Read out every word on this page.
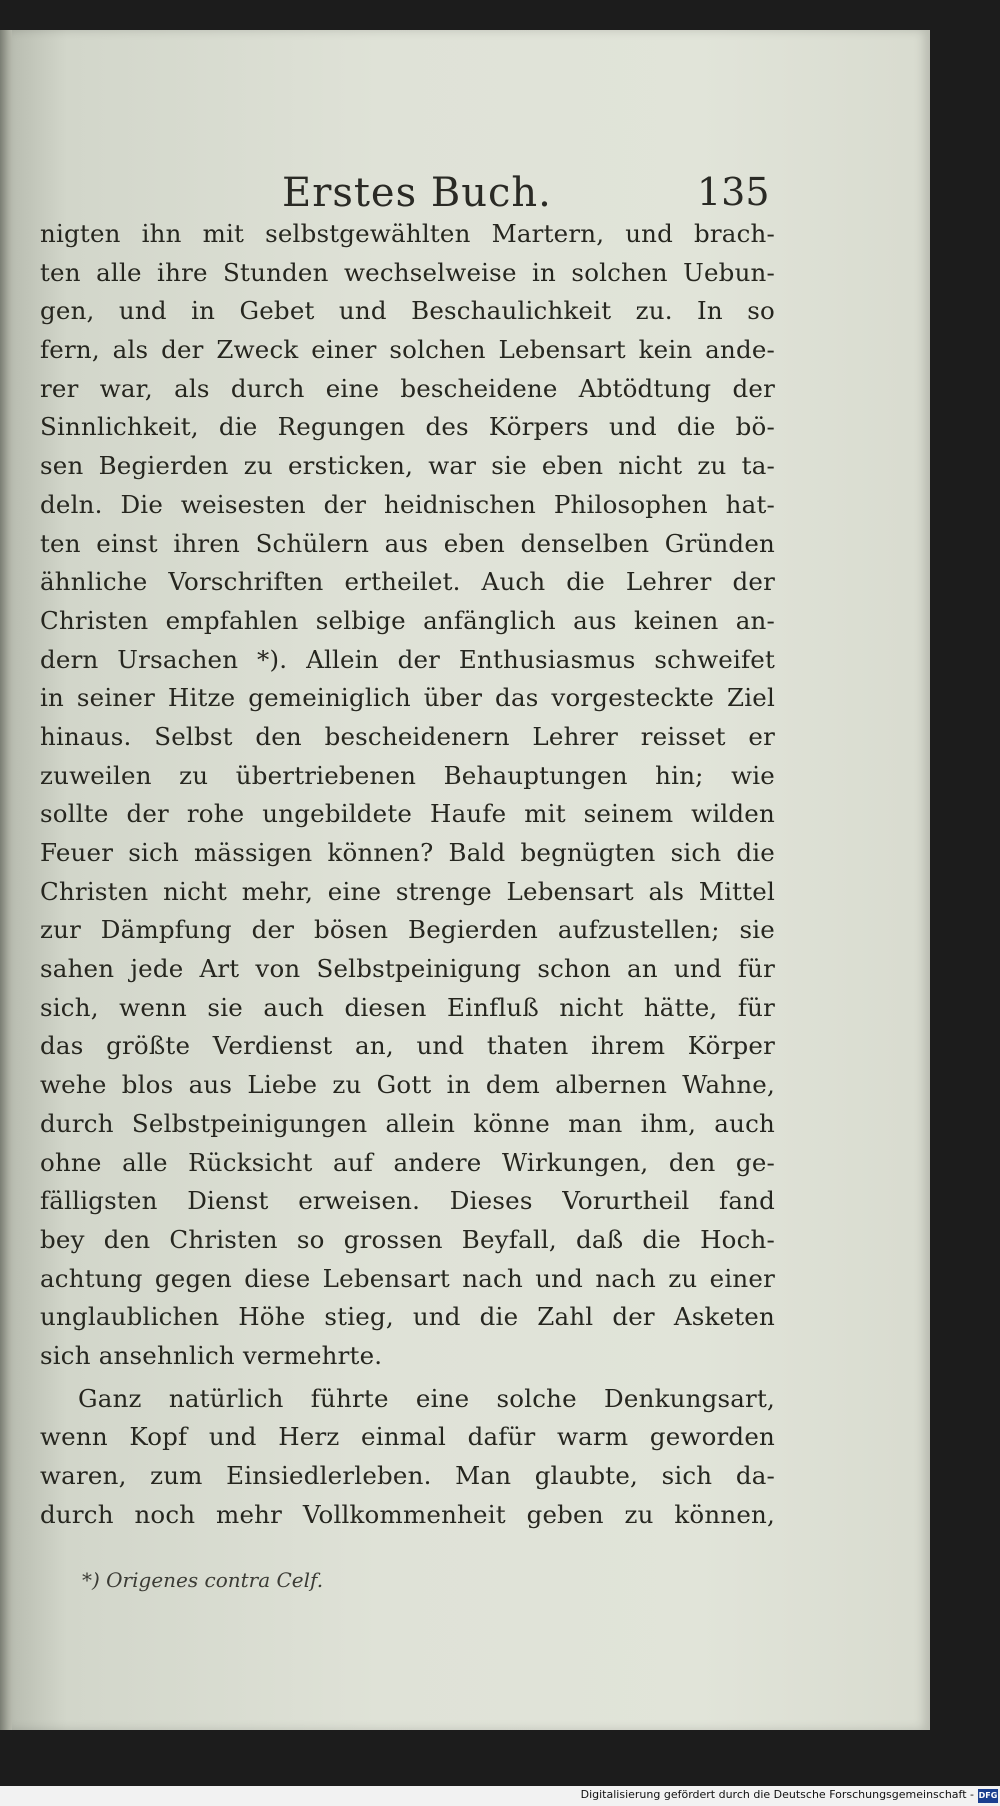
Erstes Buch.	135
nigten ihn mit selbstgewählten Martern, und brach-
ten alle ihre Stunden wechselweise in solchen Uebun-
gen, und in Gebet und Beschaulichkeit zu. In so
fern, als der Zweck einer solchen Lebensart kein ande-
rer war, als durch eine bescheidene Abtödtung der
Sinnlichkeit, die Regungen des Körpers und die bö-
sen Begierden zu ersticken, war sie eben nicht zu ta-
deln. Die weisesten der heidnischen Philosophen hat-
ten einst ihren Schülern aus eben denselben Gründen
ähnliche Vorschriften ertheilet. Auch die Lehrer der
Christen empfahlen selbige anfänglich aus keinen an-
dern Ursachen *). Allein der Enthusiasmus schweifet
in seiner Hitze gemeiniglich über das vorgesteckte Ziel
hinaus. Selbst den bescheidenern Lehrer reisset er
zuweilen zu übertriebenen Behauptungen hin; wie
sollte der rohe ungebildete Haufe mit seinem wilden
Feuer sich mässigen können? Bald begnügten sich die
Christen nicht mehr, eine strenge Lebensart als Mittel
zur Dämpfung der bösen Begierden aufzustellen; sie
sahen jede Art von Selbstpeinigung schon an und für
sich, wenn sie auch diesen Einfluß nicht hätte, für
das größte Verdienst an, und thaten ihrem Körper
wehe blos aus Liebe zu Gott in dem albernen Wahne,
durch Selbstpeinigungen allein könne man ihm, auch
ohne alle Rücksicht auf andere Wirkungen, den ge-
fälligsten Dienst erweisen. Dieses Vorurtheil fand
bey den Christen so grossen Beyfall, daß die Hoch-
achtung gegen diese Lebensart nach und nach zu einer
unglaublichen Höhe stieg, und die Zahl der Asketen
sich ansehnlich vermehrte.
Ganz natürlich führte eine solche Denkungsart,
wenn Kopf und Herz einmal dafür warm geworden
waren, zum Einsiedlerleben. Man glaubte, sich da-
durch noch mehr Vollkommenheit geben zu können,
*) Origenes contra Celf.
Digitalisierung gefördert durch die Deutsche Forschungsgemeinschaft - DFG
